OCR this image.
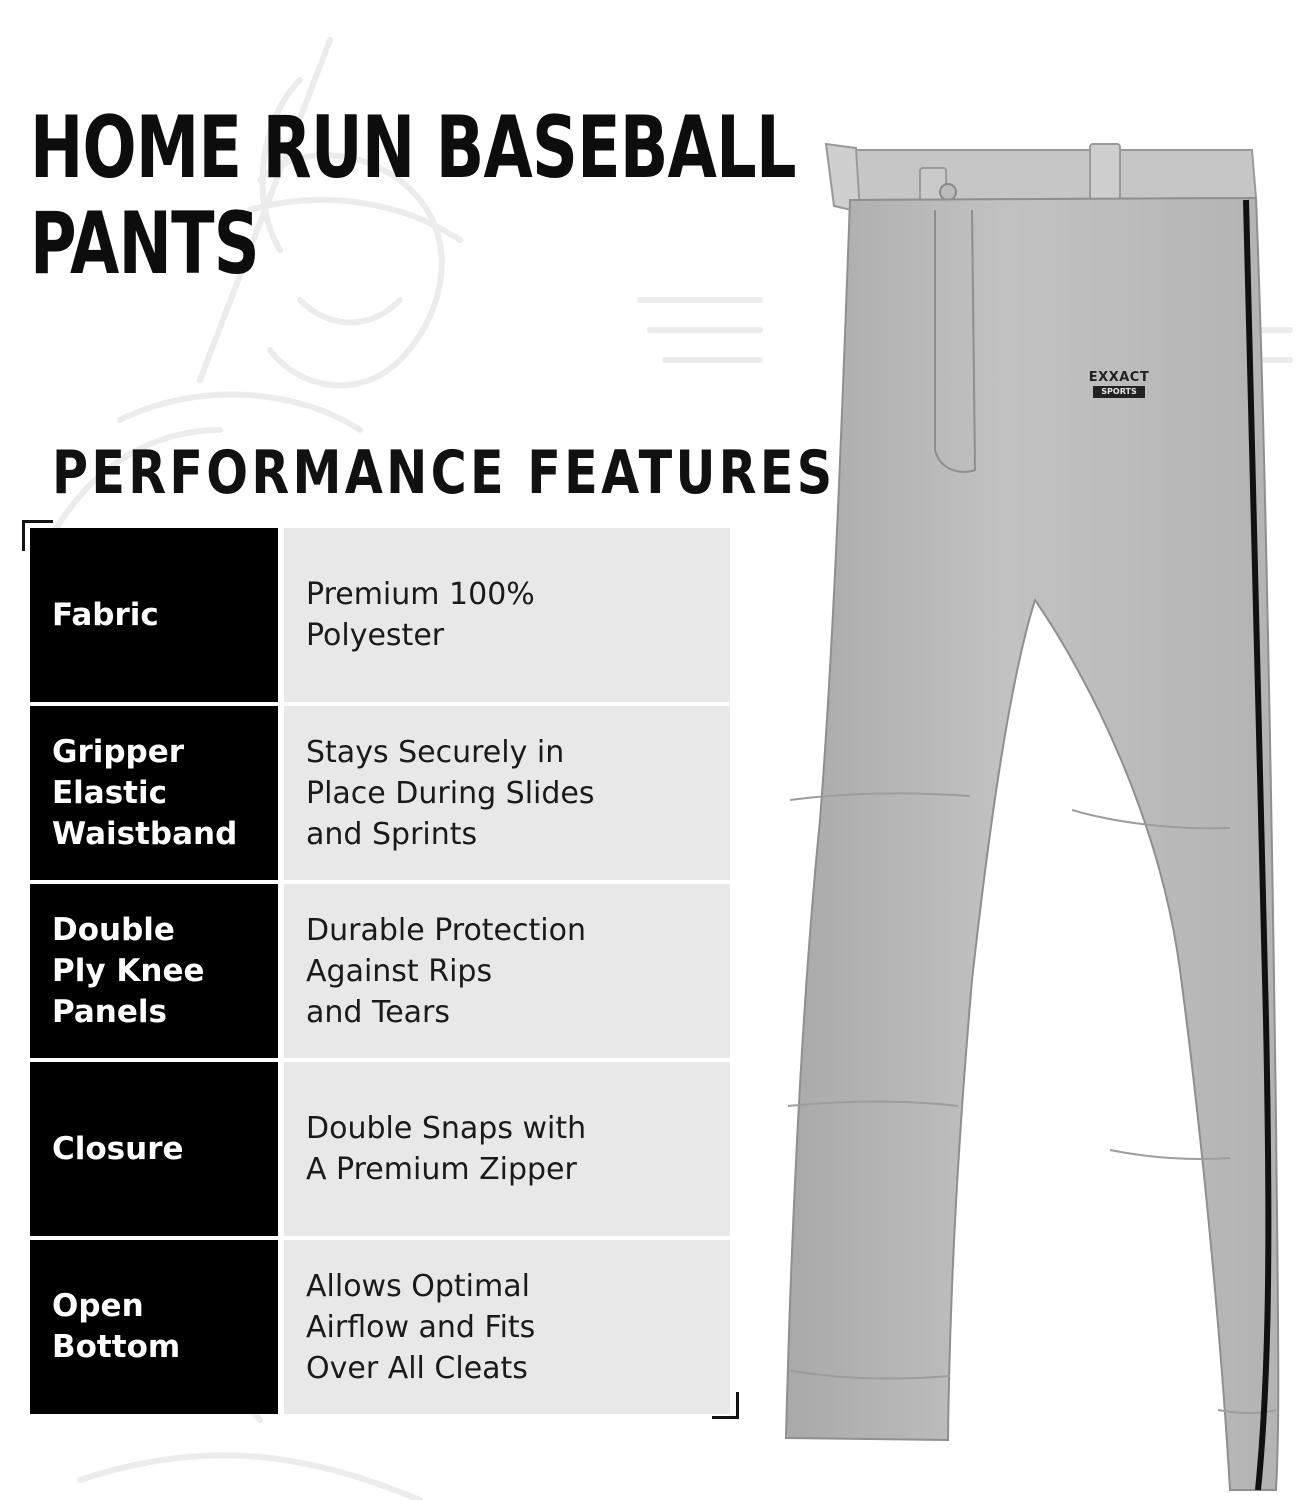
HOME RUN BASEBALL
PANTS
PERFORMANCE FEATURES
Fabric
Premium 100%
Polyester
Gripper
Elastic
Waistband
Stays Securely in
Place During Slides
and Sprints
Double
Ply Knee
Panels
Durable Protection
Against Rips
and Tears
Closure
Double Snaps with
A Premium Zipper
Open
Bottom
Allows Optimal
Airflow and Fits
Over All Cleats
EXXACT
SPORTS
